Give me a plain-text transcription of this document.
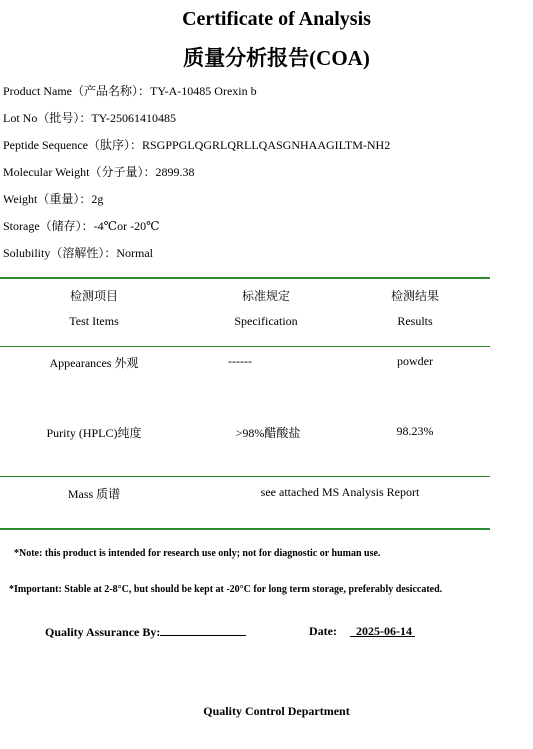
Certificate of Analysis
质量分析报告(COA)
Product Name（产品名称）：TY-A-10485 Orexin b
Lot No（批号）：TY-25061410485
Peptide Sequence（肽序）：RSGPPGLQGRLQRLLQASGNHAAGILTM-NH2
Molecular Weight（分子量）：2899.38
Weight（重量）：2g
Storage（储存）：-4℃or -20℃
Solubility（溶解性）：Normal
检测项目	标准规定	检测结果
Test Items	Specification	Results
Appearances 外观	------	powder
Purity (HPLC)纯度	>98%醋酸盐	98.23%
Mass 质谱	see attached MS Analysis Report
*Note: this product is intended for research use only; not for diagnostic or human use.
*Important: Stable at 2-8°C, but should be kept at -20°C for long term storage, preferably desiccated.
Quality Assurance By:	Date: 2025-06-14
Quality Control Department
